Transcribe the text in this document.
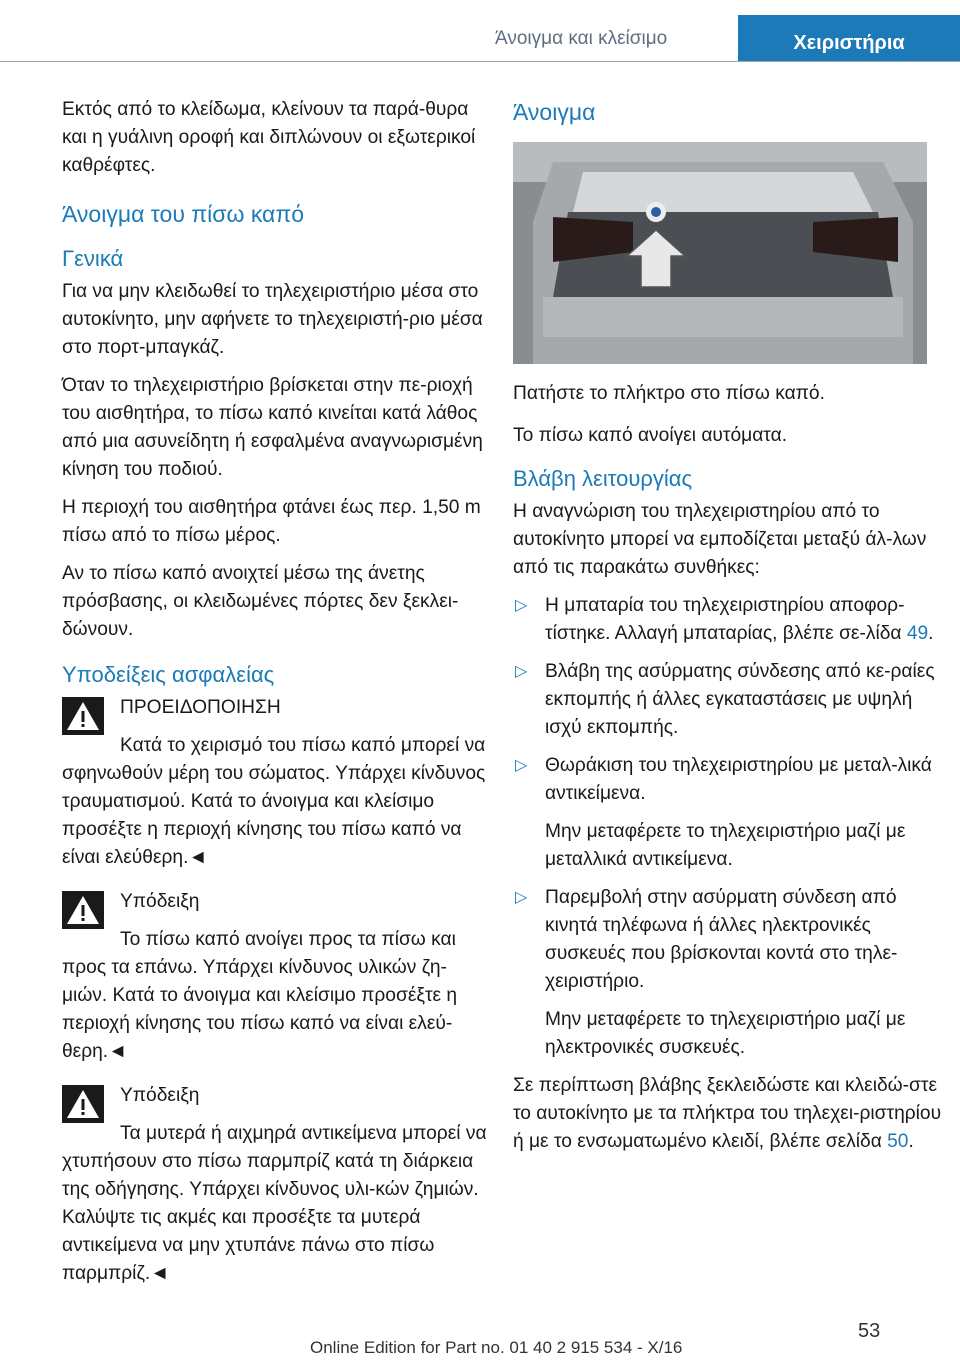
Άνοιγμα και κλείσιμο	Χειριστήρια

Εκτός από το κλείδωμα, κλείνουν τα παρά-θυρα και η γυάλινη οροφή και διπλώνουν οι εξωτερικοί καθρέφτες.

Άνοιγμα του πίσω καπό
Γενικά

Για να μην κλειδωθεί το τηλεχειριστήριο μέσα στο αυτοκίνητο, μην αφήνετε το τηλεχειριστή-ριο μέσα στο πορτ-μπαγκάζ.

Όταν το τηλεχειριστήριο βρίσκεται στην πε-ριοχή του αισθητήρα, το πίσω καπό κινείται κατά λάθος από μια ασυνείδητη ή εσφαλμένα αναγνωρισμένη κίνηση του ποδιού.

Η περιοχή του αισθητήρα φτάνει έως περ. 1,50 m πίσω από το πίσω μέρος.

Αν το πίσω καπό ανοιχτεί μέσω της άνετης πρόσβασης, οι κλειδωμένες πόρτες δεν ξεκλει-δώνουν.

Υποδείξεις ασφαλείας
ΠΡΟΕΙΔΟΠΟΙΗΣΗ

Κατά το χειρισμό του πίσω καπό μπορεί να σφηνωθούν μέρη του σώματος. Υπάρχει κίνδυνος τραυματισμού. Κατά το άνοιγμα και κλείσιμο προσέξτε η περιοχή κίνησης του πίσω καπό να είναι ελεύθερη.◄

Υπόδειξη

Το πίσω καπό ανοίγει προς τα πίσω και προς τα επάνω. Υπάρχει κίνδυνος υλικών ζη-μιών. Κατά το άνοιγμα και κλείσιμο προσέξτε η περιοχή κίνησης του πίσω καπό να είναι ελεύ-θερη.◄

Υπόδειξη

Τα μυτερά ή αιχμηρά αντικείμενα μπορεί να χτυπήσουν στο πίσω παρμπρίζ κατά τη διάρκεια της οδήγησης. Υπάρχει κίνδυνος υλι-κών ζημιών. Καλύψτε τις ακμές και προσέξτε τα μυτερά αντικείμενα να μην χτυπάνε πάνω στο πίσω παρμπρίζ.◄

Άνοιγμα

Πατήστε το πλήκτρο στο πίσω καπό.

Το πίσω καπό ανοίγει αυτόματα.

Βλάβη λειτουργίας

Η αναγνώριση του τηλεχειριστηρίου από το αυτοκίνητο μπορεί να εμποδίζεται μεταξύ άλ-λων από τις παρακάτω συνθήκες:

▷ Η μπαταρία του τηλεχειριστηρίου αποφορ-τίστηκε. Αλλαγή μπαταρίας, βλέπε σε-λίδα 49.
▷ Βλάβη της ασύρματης σύνδεσης από κε-ραίες εκπομπής ή άλλες εγκαταστάσεις με υψηλή ισχύ εκπομπής.
▷ Θωράκιση του τηλεχειριστηρίου με μεταλ-λικά αντικείμενα.

Μην μεταφέρετε το τηλεχειριστήριο μαζί με μεταλλικά αντικείμενα.

▷ Παρεμβολή στην ασύρματη σύνδεση από κινητά τηλέφωνα ή άλλες ηλεκτρονικές συσκευές που βρίσκονται κοντά στο τηλε-χειριστήριο.

Μην μεταφέρετε το τηλεχειριστήριο μαζί με ηλεκτρονικές συσκευές.

Σε περίπτωση βλάβης ξεκλειδώστε και κλειδώ-στε το αυτοκίνητο με τα πλήκτρα του τηλεχει-ριστηρίου ή με το ενσωματωμένο κλειδί, βλέπε σελίδα 50.

53
Online Edition for Part no. 01 40 2 915 534 - X/16
